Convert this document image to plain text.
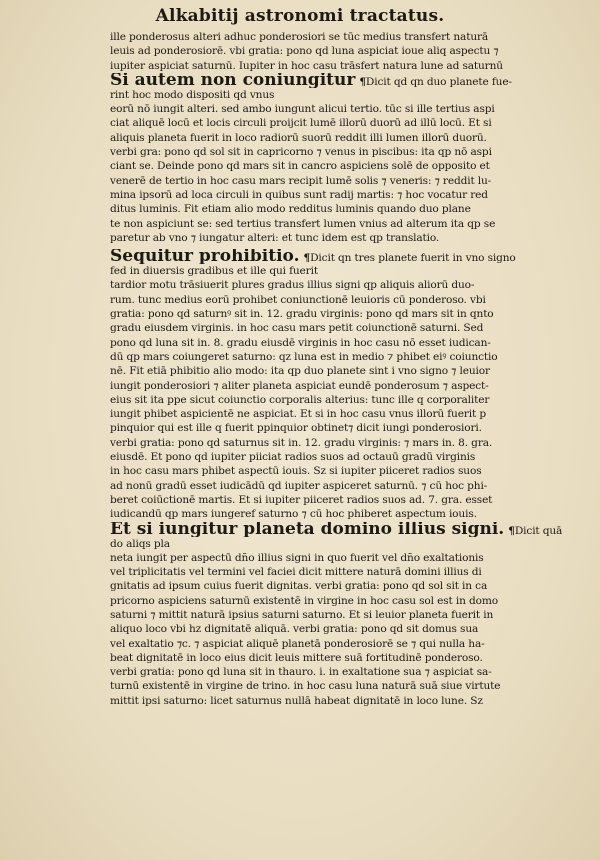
Alkabitij astronomi tractatus.
ille ponderosus alteri adhuc ponderosiori se tūc medius transfert naturā
leuis ad ponderosiorē. vbi gratia: pono qd luna aspiciat ioue aliq aspectu ⁊
iupiter aspiciat saturnū. Iupiter in hoc casu trāsfert natura lune ad saturnū
Si autem non coniungitur ¶ Dicit qd qn duo planete fue-
rint hoc modo dispositi qd vnus
eorū nō iungit alteri. sed ambo iungunt alicui tertio. tūc si ille tertius aspi
ciat aliquē locū et locis circuli proijcit lumē illorū duorū ad illū locū. Et si
aliquis planeta fuerit in loco radiorū suorū reddit illi lumen illorū duorū.
verbi gra: pono qd sol sit in capricorno ⁊ venus in piscibus: ita qp nō aspi
ciant se. Deinde pono qd mars sit in cancro aspiciens solē de opposito et
venerē de tertio in hoc casu mars recipit lumē solis ⁊ veneris: ⁊ reddit lu-
mina ipsorū ad loca circuli in quibus sunt radij martis: ⁊ hoc vocatur red
ditus luminis. Fit etiam alio modo redditus luminis quando duo plane
te non aspiciunt se: sed tertius transfert lumen vnius ad alterum ita qp se
paretur ab vno ⁊ iungatur alteri: et tunc idem est qp translatio.
Sequitur prohibitio. ¶ Dicit qn tres planete fuerit in vno signo
fed in diuersis gradibus et ille qui fuerit
tardior motu trāsiuerit plures gradus illius signi qp aliquis aliorū duo-
rum. tunc medius eorū prohibet coniunctionē leuioris cū ponderoso. vbi
gratia: pono qd saturnꝰ sit in. 12. gradu virginis: pono qd mars sit in qnto
gradu eiusdem virginis. in hoc casu mars petit coiunctionē saturni. Sed
pono qd luna sit in. 8. gradu eiusdē virginis in hoc casu nō esset iudican-
dū qp mars coiungeret saturno: qz luna est in medio ⁊ phibet eiꝰ coiunctio
nē. Fit etiā phibitio alio modo: ita qp duo planete sint i vno signo ⁊ leuior
iungit ponderosiori ⁊ aliter planeta aspiciat eundē ponderosum ⁊ aspect-
eius sit ita ppe sicut coiunctio corporalis alterius: tunc ille q corporaliter
iungit phibet aspicientē ne aspiciat. Et si in hoc casu vnus illorū fuerit p
pinquior qui est ille q fuerit ppinquior obtinet⁊ dicit iungi ponderosiori.
verbi gratia: pono qd saturnus sit in. 12. gradu virginis: ⁊ mars in. 8. gra.
eiusdē. Et pono qd iupiter piiciat radios suos ad octauū gradū virginis
in hoc casu mars phibet aspectū iouis. Sz si iupiter piiceret radios suos
ad nonū gradū esset iudicādū qd iupiter aspiceret saturnū. ⁊ cū hoc phi-
beret coiūctionē martis. Et si iupiter piiceret radios suos ad. 7. gra. esset
iudicandū qp mars iungeref saturno ⁊ cū hoc phiberet aspectum iouis.
Et si iungitur planeta domino illius signi. ¶ Dicit quā
do aliqs pla
neta iungit per aspectū dn̄o illius signi in quo fuerit vel dn̄o exaltationis
vel triplicitatis vel termini vel faciei dicit mittere naturā domini illius di
gnitatis ad ipsum cuius fuerit dignitas. verbi gratia: pono qd sol sit in ca
pricorno aspiciens saturnū existentē in virgine in hoc casu sol est in domo
saturni ⁊ mittit naturā ipsius saturni saturno. Et si leuior planeta fuerit in
aliquo loco vbi hz dignitatē aliquā. verbi gratia: pono qd sit domus sua
vel exaltatio ⁊c. ⁊ aspiciat aliquē planetā ponderosiorē se ⁊ qui nulla ha-
beat dignitatē in loco eius dicit leuis mittere suā fortitudinē ponderoso.
verbi gratia: pono qd luna sit in thauro. i. in exaltatione sua ⁊ aspiciat sa-
turnū existentē in virgine de trino. in hoc casu luna naturā suā siue virtute
mittit ipsi saturno: licet saturnus nullā habeat dignitatē in loco lune. Sz
